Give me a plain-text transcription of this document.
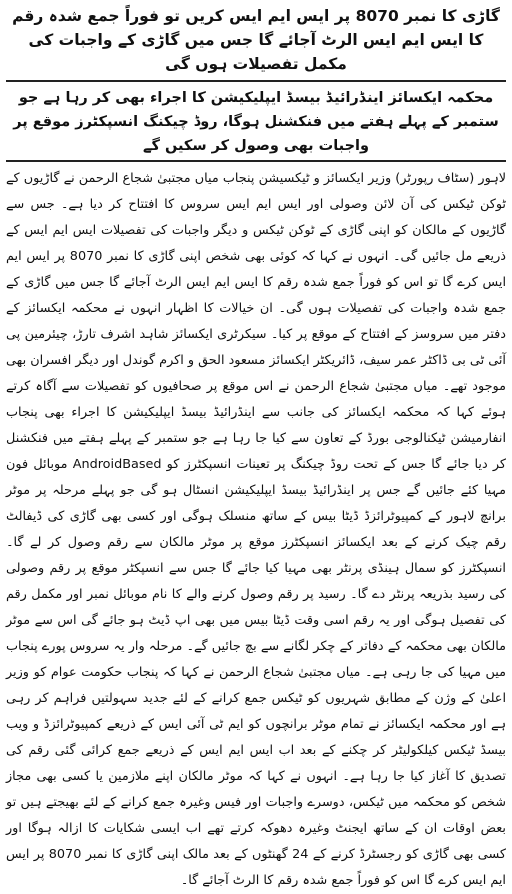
گاڑی کا نمبر 8070 پر ایس ایم ایس کریں تو فوراً جمع شدہ رقم کا ایس ایم ایس الرٹ آجائے گا جس میں گاڑی کے واجبات کی مکمل تفصیلات ہوں گی
محکمہ ایکسائز اینڈرائیڈ بیسڈ ایپلیکیشن کا اجراء بھی کر رہا ہے جو ستمبر کے پہلے ہفتے میں فنکشنل ہوگا، روڈ چیکنگ انسپکٹرز موقع پر واجبات بھی وصول کر سکیں گے

لاہور (سٹاف رپورٹر) وزیر ایکسائز و ٹیکسیشن پنجاب میاں مجتبیٰ شجاع الرحمن نے گاڑیوں کے ٹوکن ٹیکس کی آن لائن وصولی اور ایس ایم ایس سروس کا افتتاح کر دیا ہے۔ جس سے گاڑیوں کے مالکان کو اپنی گاڑی کے ٹوکن ٹیکس و دیگر واجبات کی تفصیلات ایس ایم ایس کے ذریعے مل جائیں گی۔ انہوں نے کہا کہ کوئی بھی شخص اپنی گاڑی کا نمبر 8070 پر ایس ایم ایس کرے گا تو اس کو فوراً جمع شدہ رقم کا ایس ایم ایس الرٹ آجائے گا جس میں گاڑی کے جمع شدہ واجبات کی تفصیلات ہوں گی۔ ان خیالات کا اظہار انہوں نے محکمہ ایکسائز کے دفتر میں سروسز کے افتتاح کے موقع پر کیا۔ سیکرٹری ایکسائز شاہد اشرف تارڑ، چیئرمین پی آئی ٹی بی ڈاکٹر عمر سیف، ڈائریکٹر ایکسائز مسعود الحق و اکرم گوندل اور دیگر افسران بھی موجود تھے۔ میاں مجتبیٰ شجاع الرحمن نے اس موقع پر صحافیوں کو تفصیلات سے آگاہ کرتے ہوئے کہا کہ محکمہ ایکسائز کی جانب سے اینڈرائیڈ بیسڈ ایپلیکیشن کا اجراء بھی پنجاب انفارمیشن ٹیکنالوجی بورڈ کے تعاون سے کیا جا رہا ہے جو ستمبر کے پہلے ہفتے میں فنکشنل کر دیا جائے گا جس کے تحت روڈ چیکنگ پر تعینات انسپکٹرز کو AndroidBased موبائل فون مہیا کئے جائیں گے جس پر اینڈرائیڈ بیسڈ ایپلیکیشن انسٹال ہو گی جو پہلے مرحلہ پر موٹر برانچ لاہور کے کمپیوٹرائزڈ ڈیٹا بیس کے ساتھ منسلک ہوگی اور کسی بھی گاڑی کی ڈیفالٹ رقم چیک کرنے کے بعد ایکسائز انسپکٹرز موقع پر موٹر مالکان سے رقم وصول کر لے گا۔ انسپکٹرز کو سمال ہینڈی پرنٹر بھی مہیا کیا جائے گا جس سے انسپکٹر موقع پر رقم وصولی کی رسید بذریعہ پرنٹر دے گا۔ رسید پر رقم وصول کرنے والے کا نام موبائل نمبر اور مکمل رقم کی تفصیل ہوگی اور یہ رقم اسی وقت ڈیٹا بیس میں بھی اپ ڈیٹ ہو جائے گی اس سے موٹر مالکان بھی محکمہ کے دفاتر کے چکر لگانے سے بچ جائیں گے۔ مرحلہ وار یہ سروس پورے پنجاب میں مہیا کی جا رہی ہے۔ میاں مجتبیٰ شجاع الرحمن نے کہا کہ پنجاب حکومت عوام کو وزیر اعلیٰ کے وژن کے مطابق شہریوں کو ٹیکس جمع کرانے کے لئے جدید سہولتیں فراہم کر رہی ہے اور محکمہ ایکسائز نے تمام موٹر برانچوں کو ایم ٹی آئی ایس کے ذریعے کمپیوٹرائزڈ و ویب بیسڈ ٹیکس کیلکولیٹر کر چکنے کے بعد اب ایس ایم ایس کے ذریعے جمع کرائی گئی رقم کی تصدیق کا آغاز کیا جا رہا ہے۔ انہوں نے کہا کہ موٹر مالکان اپنے ملازمین یا کسی بھی مجاز شخص کو محکمہ میں ٹیکس، دوسرے واجبات اور فیس وغیرہ جمع کرانے کے لئے بھیجتے ہیں تو بعض اوقات ان کے ساتھ ایجنٹ وغیرہ دھوکہ کرتے تھے اب ایسی شکایات کا ازالہ ہوگا اور کسی بھی گاڑی کو رجسٹرڈ کرنے کے 24 گھنٹوں کے بعد مالک اپنی گاڑی کا نمبر 8070 پر ایس ایم ایس کرے گا اس کو فوراً جمع شدہ رقم کا الرٹ آجائے گا۔
